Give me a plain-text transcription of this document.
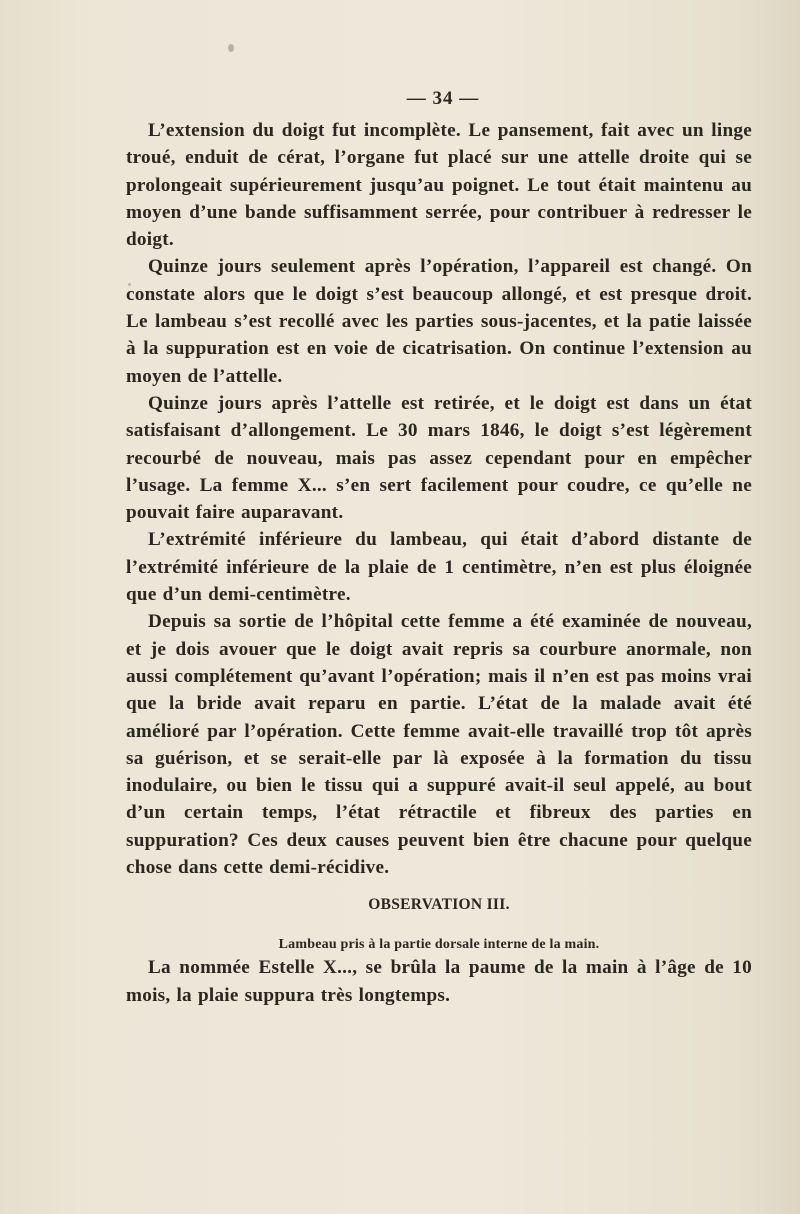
— 34 —

L’extension du doigt fut incomplète. Le pansement, fait avec un linge troué, enduit de cérat, l’organe fut placé sur une attelle droite qui se prolongeait supérieurement jusqu’au poignet. Le tout était maintenu au moyen d’une bande suffisamment serrée, pour contribuer à redresser le doigt.

Quinze jours seulement après l’opération, l’appareil est changé. On constate alors que le doigt s’est beaucoup allongé, et est presque droit. Le lambeau s’est recollé avec les parties sous-jacentes, et la patie laissée à la suppuration est en voie de cicatrisation. On continue l’extension au moyen de l’attelle.

Quinze jours après l’attelle est retirée, et le doigt est dans un état satisfaisant d’allongement. Le 30 mars 1846, le doigt s’est légèrement recourbé de nouveau, mais pas assez cependant pour en empêcher l’usage. La femme X... s’en sert facilement pour coudre, ce qu’elle ne pouvait faire auparavant.

L’extrémité inférieure du lambeau, qui était d’abord distante de l’extrémité inférieure de la plaie de 1 centimètre, n’en est plus éloignée que d’un demi-centimètre.

Depuis sa sortie de l’hôpital cette femme a été examinée de nouveau, et je dois avouer que le doigt avait repris sa courbure anormale, non aussi complétement qu’avant l’opération; mais il n’en est pas moins vrai que la bride avait reparu en partie. L’état de la malade avait été amélioré par l’opération. Cette femme avait-elle travaillé trop tôt après sa guérison, et se serait-elle par là exposée à la formation du tissu inodulaire, ou bien le tissu qui a suppuré avait-il seul appelé, au bout d’un certain temps, l’état rétractile et fibreux des parties en suppuration? Ces deux causes peuvent bien être chacune pour quelque chose dans cette demi-récidive.

OBSERVATION III.
Lambeau pris à la partie dorsale interne de la main.

La nommée Estelle X..., se brûla la paume de la main à l’âge de 10 mois, la plaie suppura très longtemps.
